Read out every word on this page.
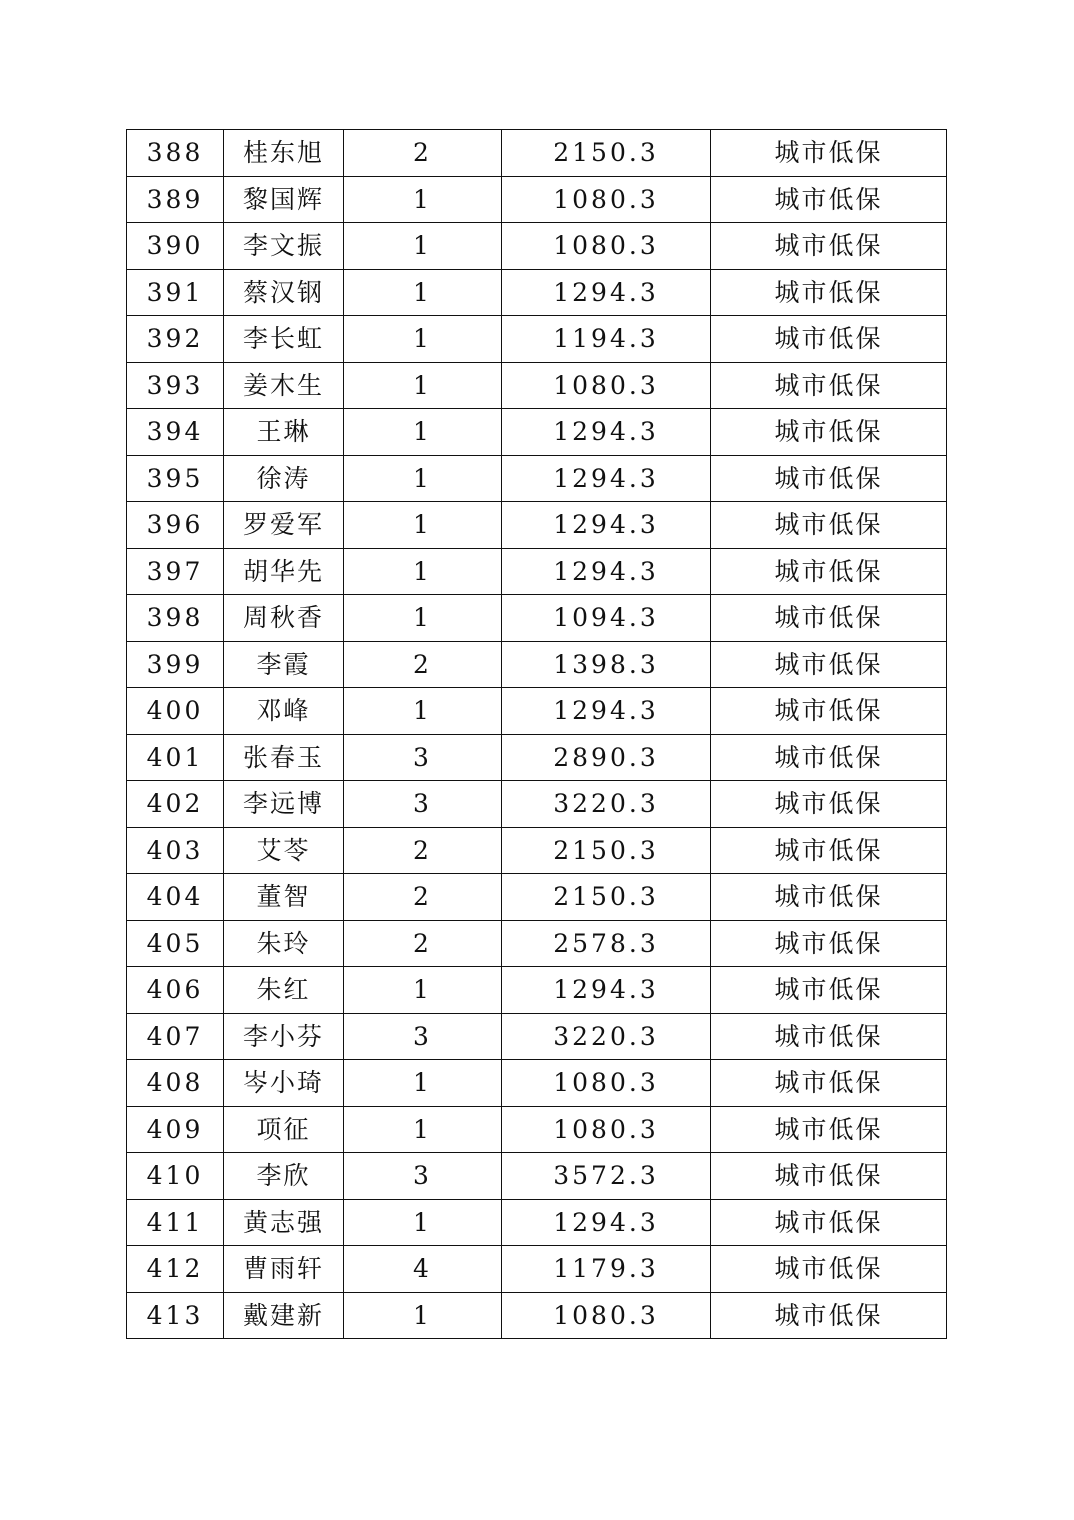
388	桂东旭	2	2150.3	城市低保
389	黎国辉	1	1080.3	城市低保
390	李文振	1	1080.3	城市低保
391	蔡汉钢	1	1294.3	城市低保
392	李长虹	1	1194.3	城市低保
393	姜木生	1	1080.3	城市低保
394	王琳	1	1294.3	城市低保
395	徐涛	1	1294.3	城市低保
396	罗爱军	1	1294.3	城市低保
397	胡华先	1	1294.3	城市低保
398	周秋香	1	1094.3	城市低保
399	李霞	2	1398.3	城市低保
400	邓峰	1	1294.3	城市低保
401	张春玉	3	2890.3	城市低保
402	李远博	3	3220.3	城市低保
403	艾苓	2	2150.3	城市低保
404	董智	2	2150.3	城市低保
405	朱玲	2	2578.3	城市低保
406	朱红	1	1294.3	城市低保
407	李小芬	3	3220.3	城市低保
408	岑小琦	1	1080.3	城市低保
409	项征	1	1080.3	城市低保
410	李欣	3	3572.3	城市低保
411	黄志强	1	1294.3	城市低保
412	曹雨轩	4	1179.3	城市低保
413	戴建新	1	1080.3	城市低保
